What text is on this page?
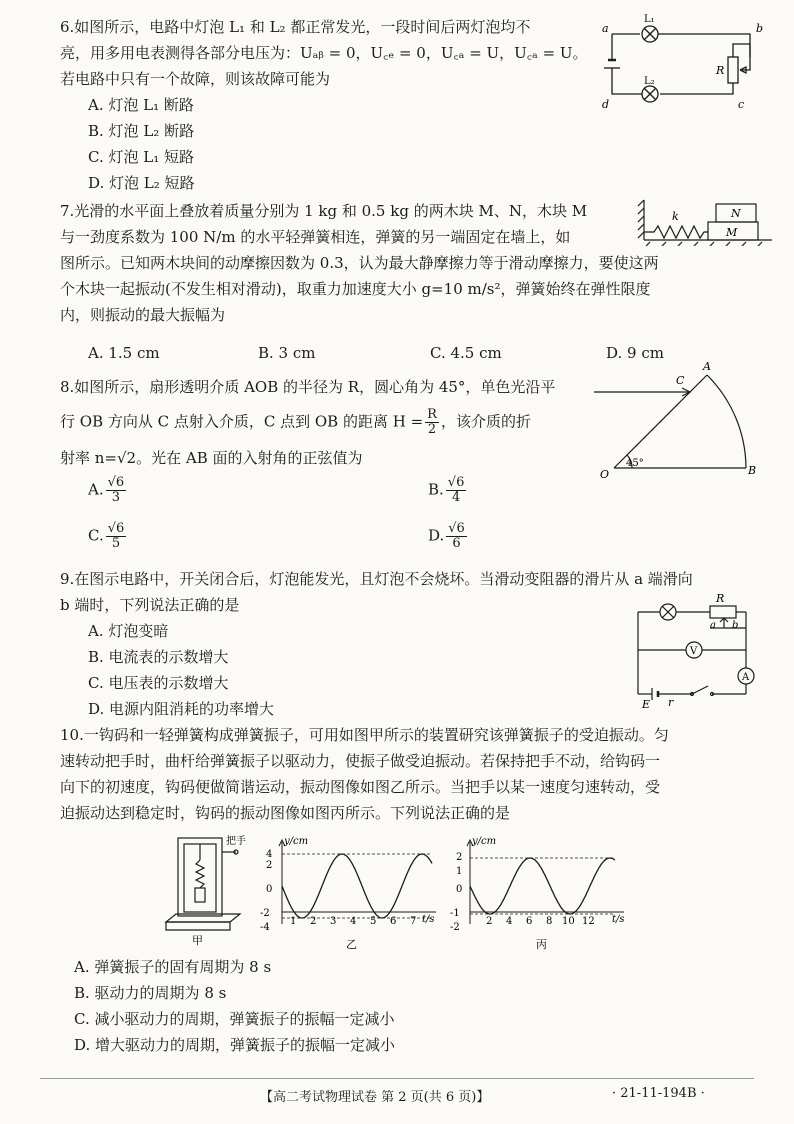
6.如图所示，电路中灯泡 L₁ 和 L₂ 都正常发光，一段时间后两灯泡均不

亮，用多用电表测得各部分电压为：Uₐᵦ = 0，U꜀ₑ = 0，U꜀ₐ = U，U꜀ₐ = U。

若电路中只有一个故障，则该故障可能为

A. 灯泡 L₁ 断路

B. 灯泡 L₂ 断路

C. 灯泡 L₁ 短路

D. 灯泡 L₂ 短路

a	b
c
d
L₁
L₂
R

7.光滑的水平面上叠放着质量分别为 1 kg 和 0.5 kg 的两木块 M、N，木块 M

与一劲度系数为 100 N/m 的水平轻弹簧相连，弹簧的另一端固定在墙上，如

图所示。已知两木块间的动摩擦因数为 0.3，认为最大静摩擦力等于滑动摩擦力，要使这两

个木块一起振动(不发生相对滑动)，取重力加速度大小 g=10 m/s²，弹簧始终在弹性限度

内，则振动的最大振幅为

A. 1.5 cm	B. 3 cm	C. 4.5 cm	D. 9 cm
k	N
M

8.如图所示，扇形透明介质 AOB 的半径为 R，圆心角为 45°，单色光沿平

行 OB 方向从 C 点射入介质，C 点到 OB 的距离 $H = \frac{R}{2}$ ，该介质的折

射率 n=√2。光在 AB 面的入射角的正弦值为

A. $\frac{√6}{3}$	B. $\frac{√6}{4}$
C. $\frac{√6}{5}$	D. $\frac{√6}{6}$
A
B
C
O
45°

9.在图示电路中，开关闭合后，灯泡能发光，且灯泡不会烧坏。当滑动变阻器的滑片从 a 端滑向

b 端时，下列说法正确的是

A. 灯泡变暗

B. 电流表的示数增大

C. 电压表的示数增大

D. 电源内阻消耗的功率增大

R
a b
V
A
E r

10.一钩码和一轻弹簧构成弹簧振子，可用如图甲所示的装置研究该弹簧振子的受迫振动。匀

速转动把手时，曲杆给弹簧振子以驱动力，使振子做受迫振动。若保持把手不动，给钩码一

向下的初速度，钩码便做简谐运动，振动图像如图乙所示。当把手以某一速度匀速转动，受

迫振动达到稳定时，钩码的振动图像如图丙所示。下列说法正确的是

把手
甲
y/cm
t/s
4
2
0
-2
-4
1 2 3 4 5 6 7
乙
y/cm
t/s
2
1
0
-1
-2
2 4 6 8 10 12
丙

A. 弹簧振子的固有周期为 8 s

B. 驱动力的周期为 8 s

C. 减小驱动力的周期，弹簧振子的振幅一定减小

D. 增大驱动力的周期，弹簧振子的振幅一定减小

【高二考试物理试卷 第 2 页(共 6 页)】	· 21-11-194B ·
